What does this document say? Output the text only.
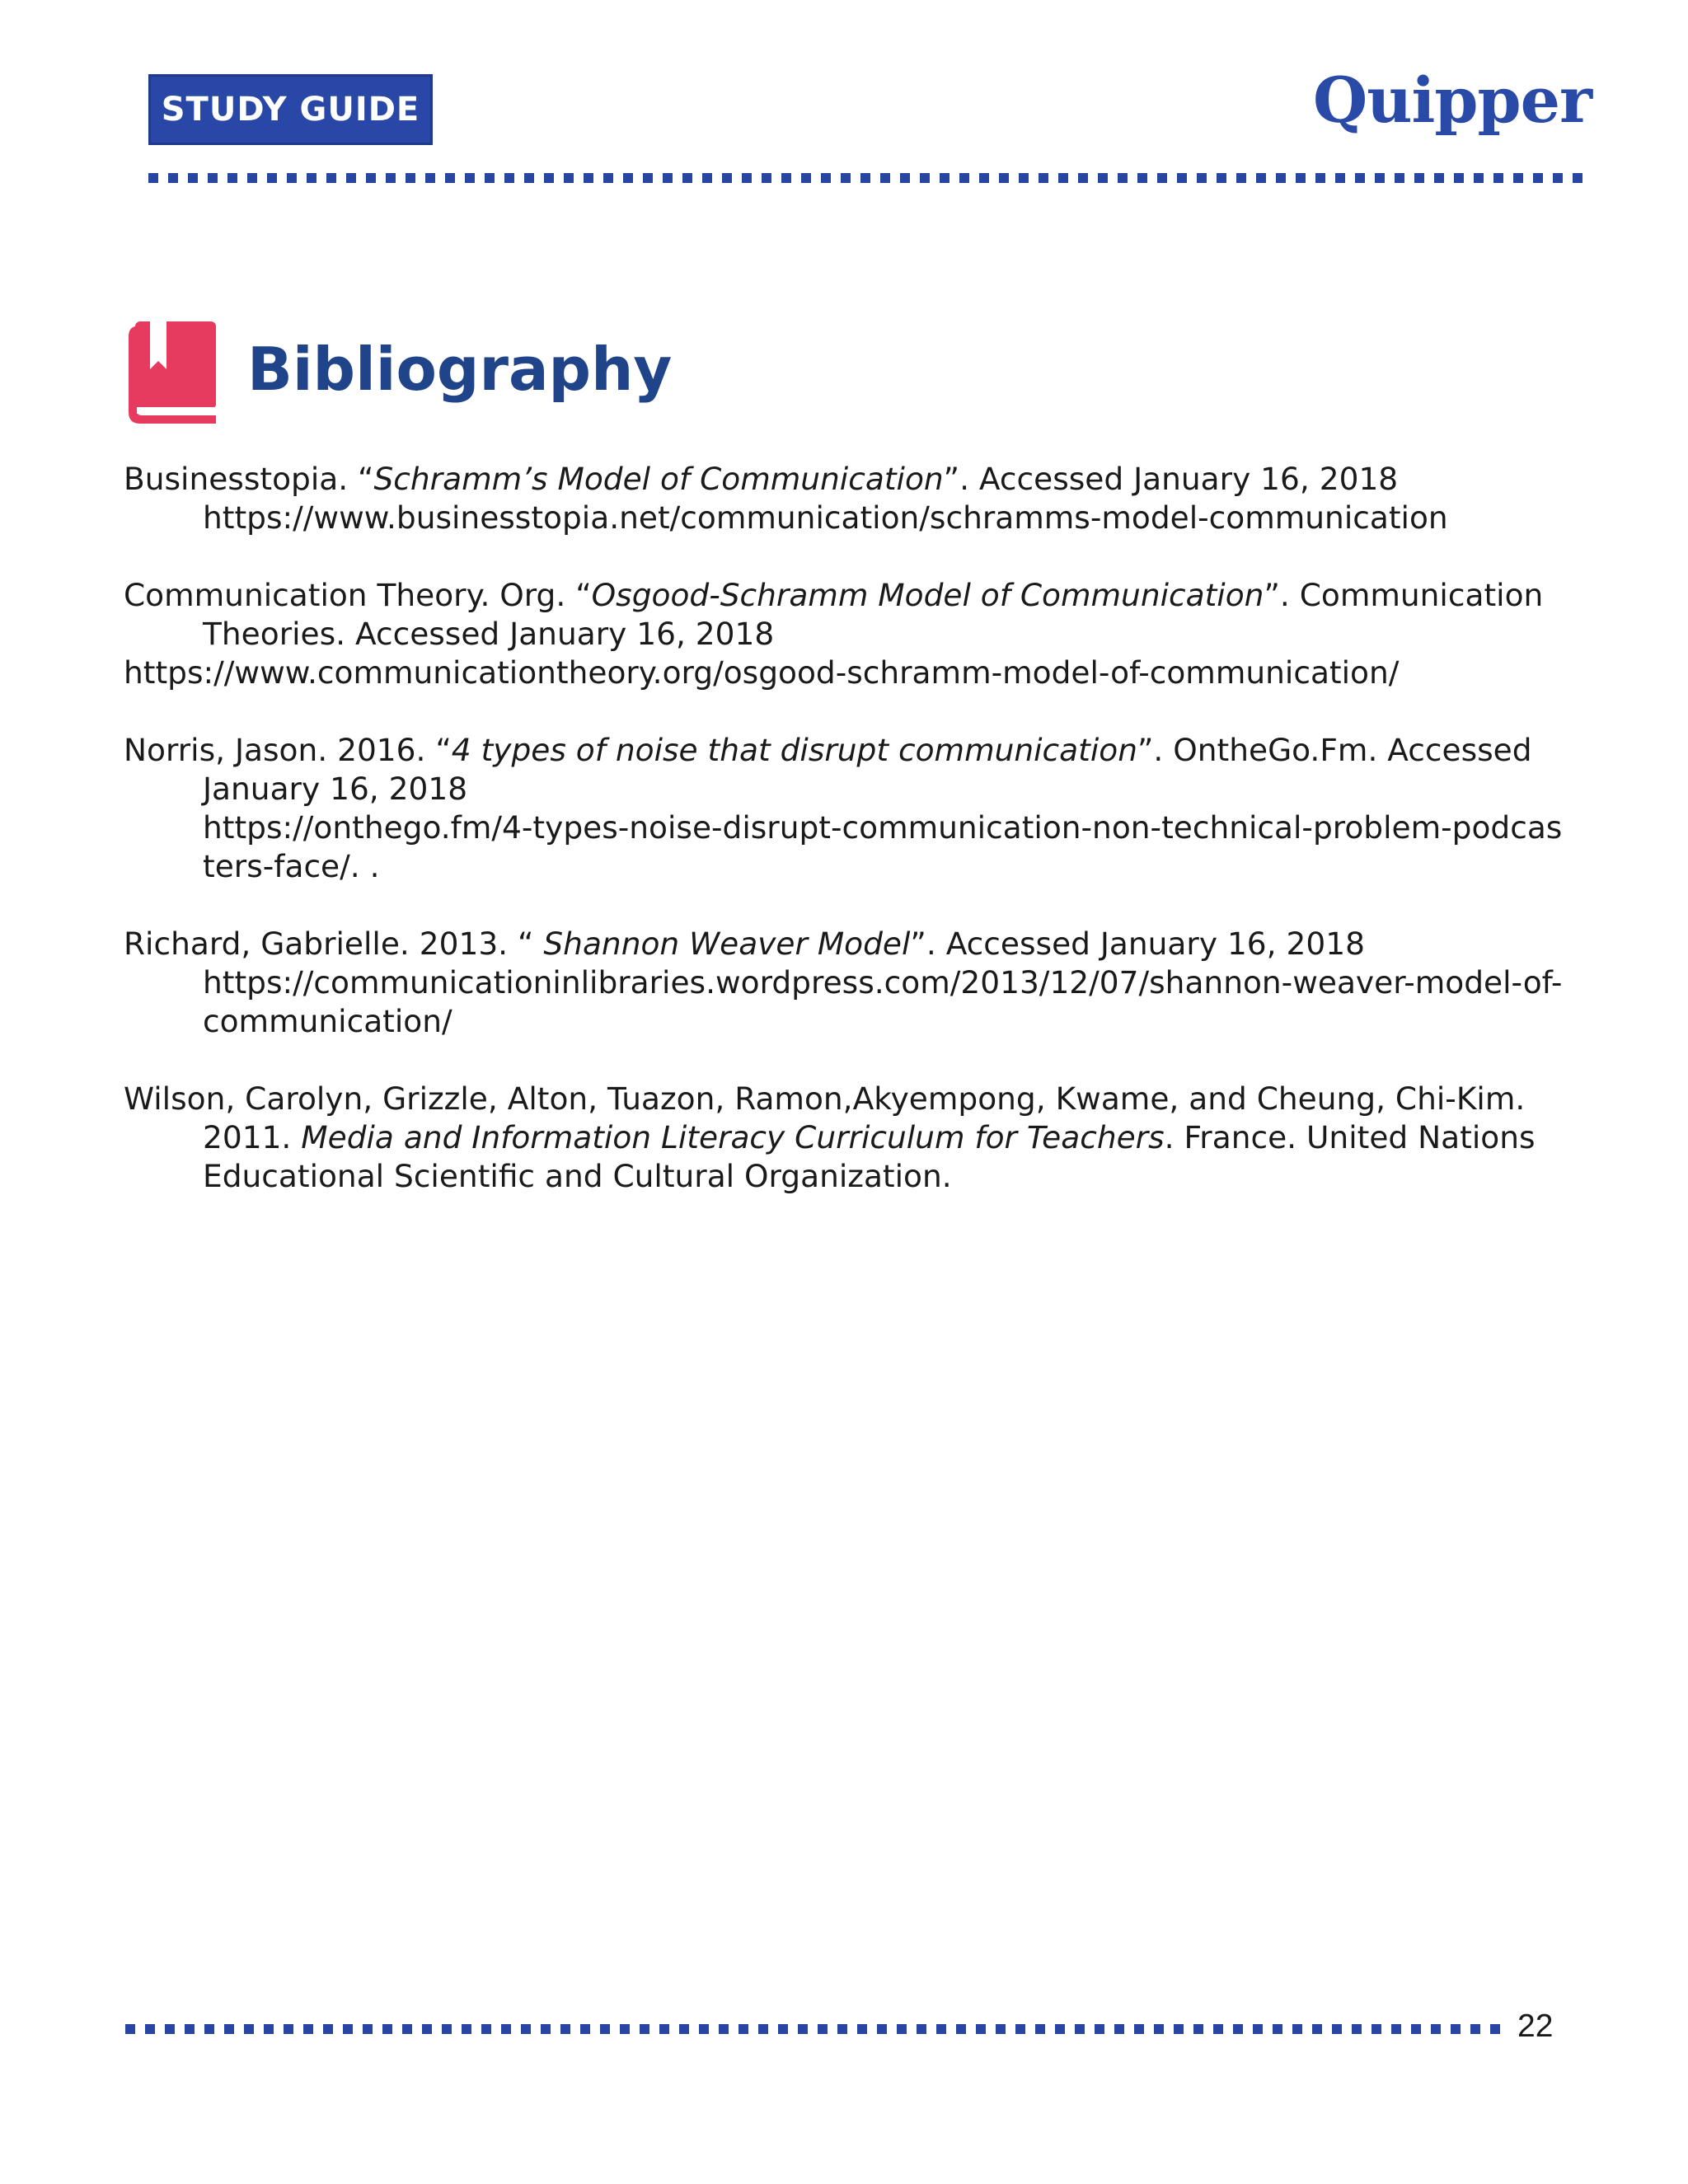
STUDY GUIDE	Quipper
Bibliography

Businesstopia. “Schramm’s Model of Communication”. Accessed January 16, 2018
https://www.businesstopia.net/communication/schramms-model-communication

Communication Theory. Org. “Osgood-Schramm Model of Communication”. Communication
Theories. Accessed January 16, 2018
https://www.communicationtheory.org/osgood-schramm-model-of-communication/

Norris, Jason. 2016. “4 types of noise that disrupt communication”. OntheGo.Fm. Accessed
January 16, 2018
https://onthego.fm/4-types-noise-disrupt-communication-non-technical-problem-podcas
ters-face/. .

Richard, Gabrielle. 2013. “ Shannon Weaver Model”. Accessed January 16, 2018
https://communicationinlibraries.wordpress.com/2013/12/07/shannon-weaver-model-of-
communication/

Wilson, Carolyn, Grizzle, Alton, Tuazon, Ramon,Akyempong, Kwame, and Cheung, Chi-Kim.
2011. Media and Information Literacy Curriculum for Teachers. France. United Nations
Educational Scientific and Cultural Organization.

22
